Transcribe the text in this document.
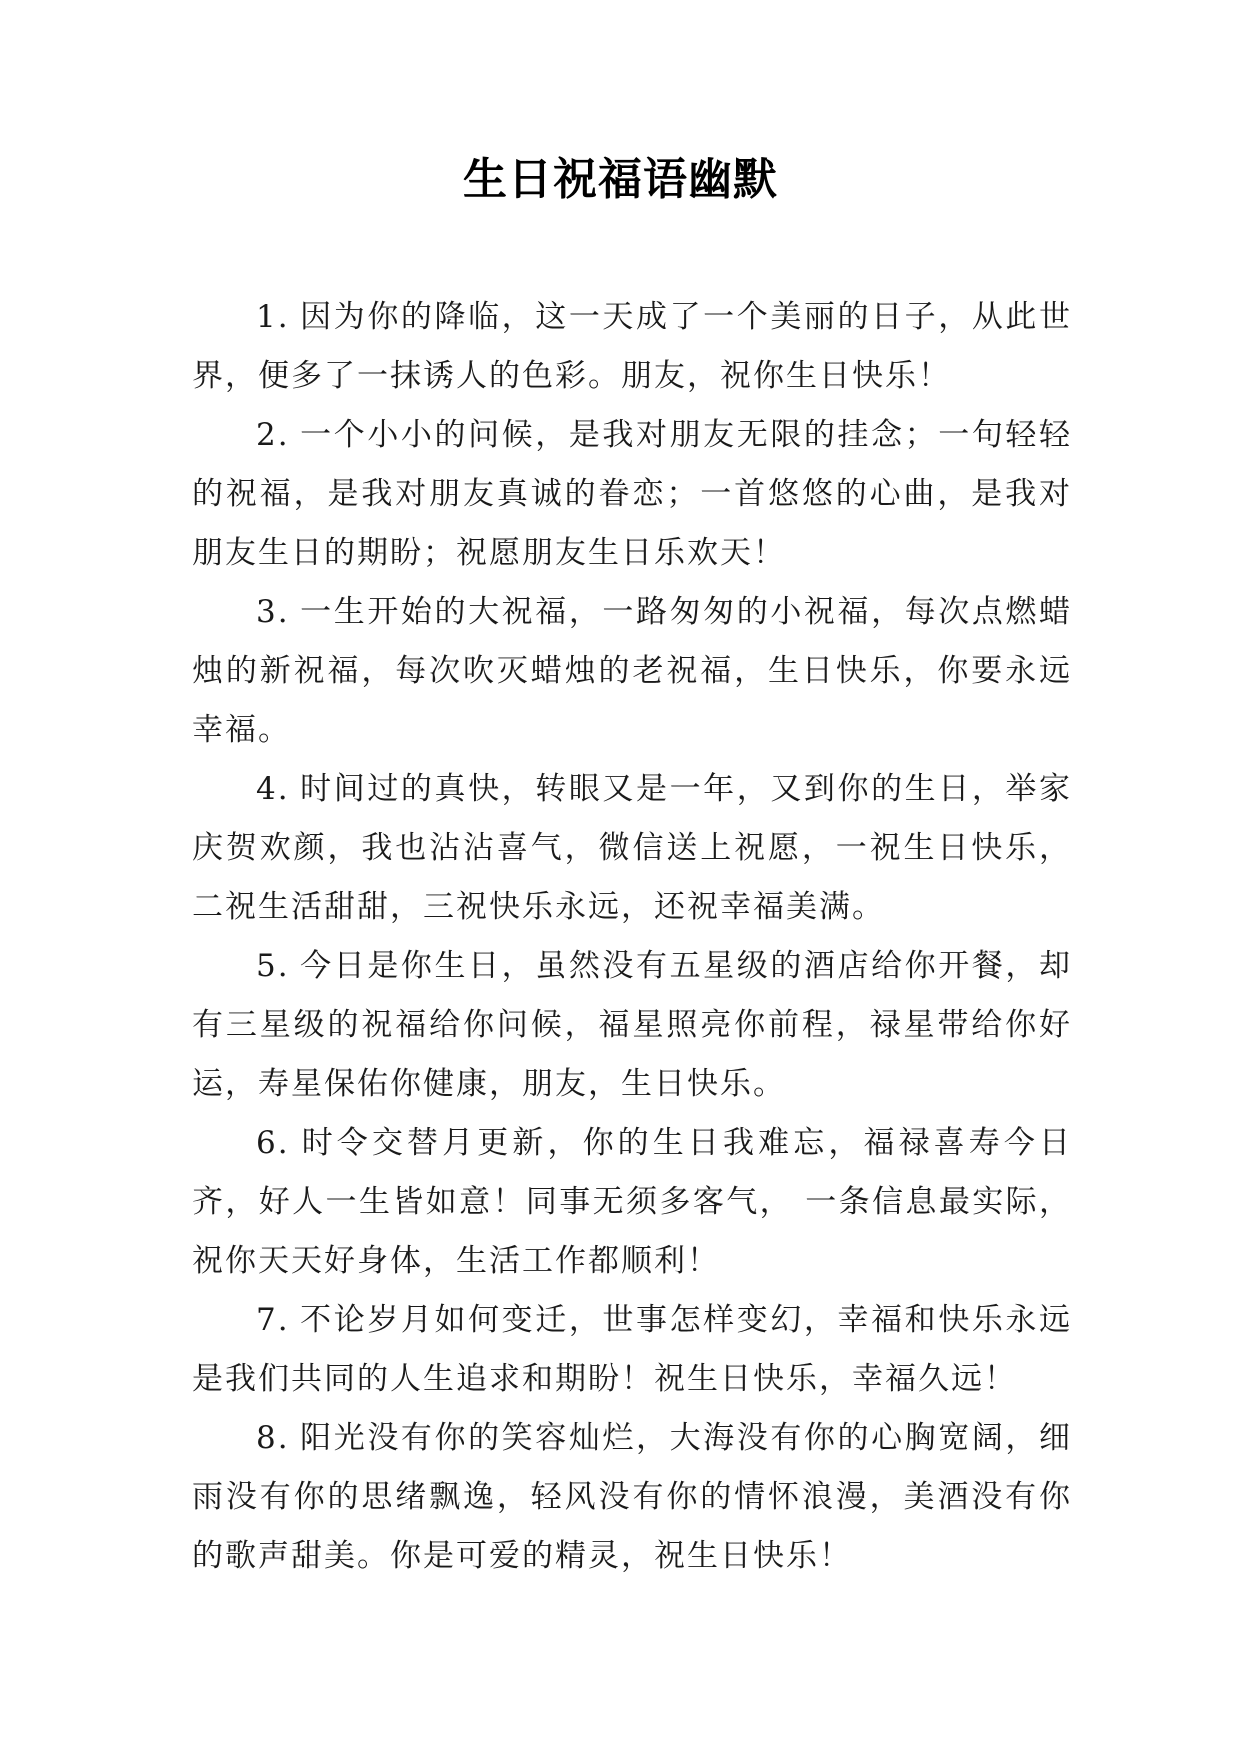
生日祝福语幽默

1. 因为你的降临，这一天成了一个美丽的日子，从此世界，便多了一抹诱人的色彩。朋友，祝你生日快乐！

2. 一个小小的问候，是我对朋友无限的挂念；一句轻轻的祝福，是我对朋友真诚的眷恋；一首悠悠的心曲，是我对朋友生日的期盼；祝愿朋友生日乐欢天！

3. 一生开始的大祝福，一路匆匆的小祝福，每次点燃蜡烛的新祝福，每次吹灭蜡烛的老祝福，生日快乐，你要永远幸福。

4. 时间过的真快，转眼又是一年，又到你的生日，举家庆贺欢颜，我也沾沾喜气，微信送上祝愿，一祝生日快乐，二祝生活甜甜，三祝快乐永远，还祝幸福美满。

5. 今日是你生日，虽然没有五星级的酒店给你开餐，却有三星级的祝福给你问候，福星照亮你前程，禄星带给你好运，寿星保佑你健康，朋友，生日快乐。

6. 时令交替月更新，你的生日我难忘，福禄喜寿今日齐，好人一生皆如意！同事无须多客气， 一条信息最实际，祝你天天好身体，生活工作都顺利！

7. 不论岁月如何变迁，世事怎样变幻，幸福和快乐永远是我们共同的人生追求和期盼！祝生日快乐，幸福久远！

8. 阳光没有你的笑容灿烂，大海没有你的心胸宽阔，细雨没有你的思绪飘逸，轻风没有你的情怀浪漫，美酒没有你的歌声甜美。你是可爱的精灵，祝生日快乐！
